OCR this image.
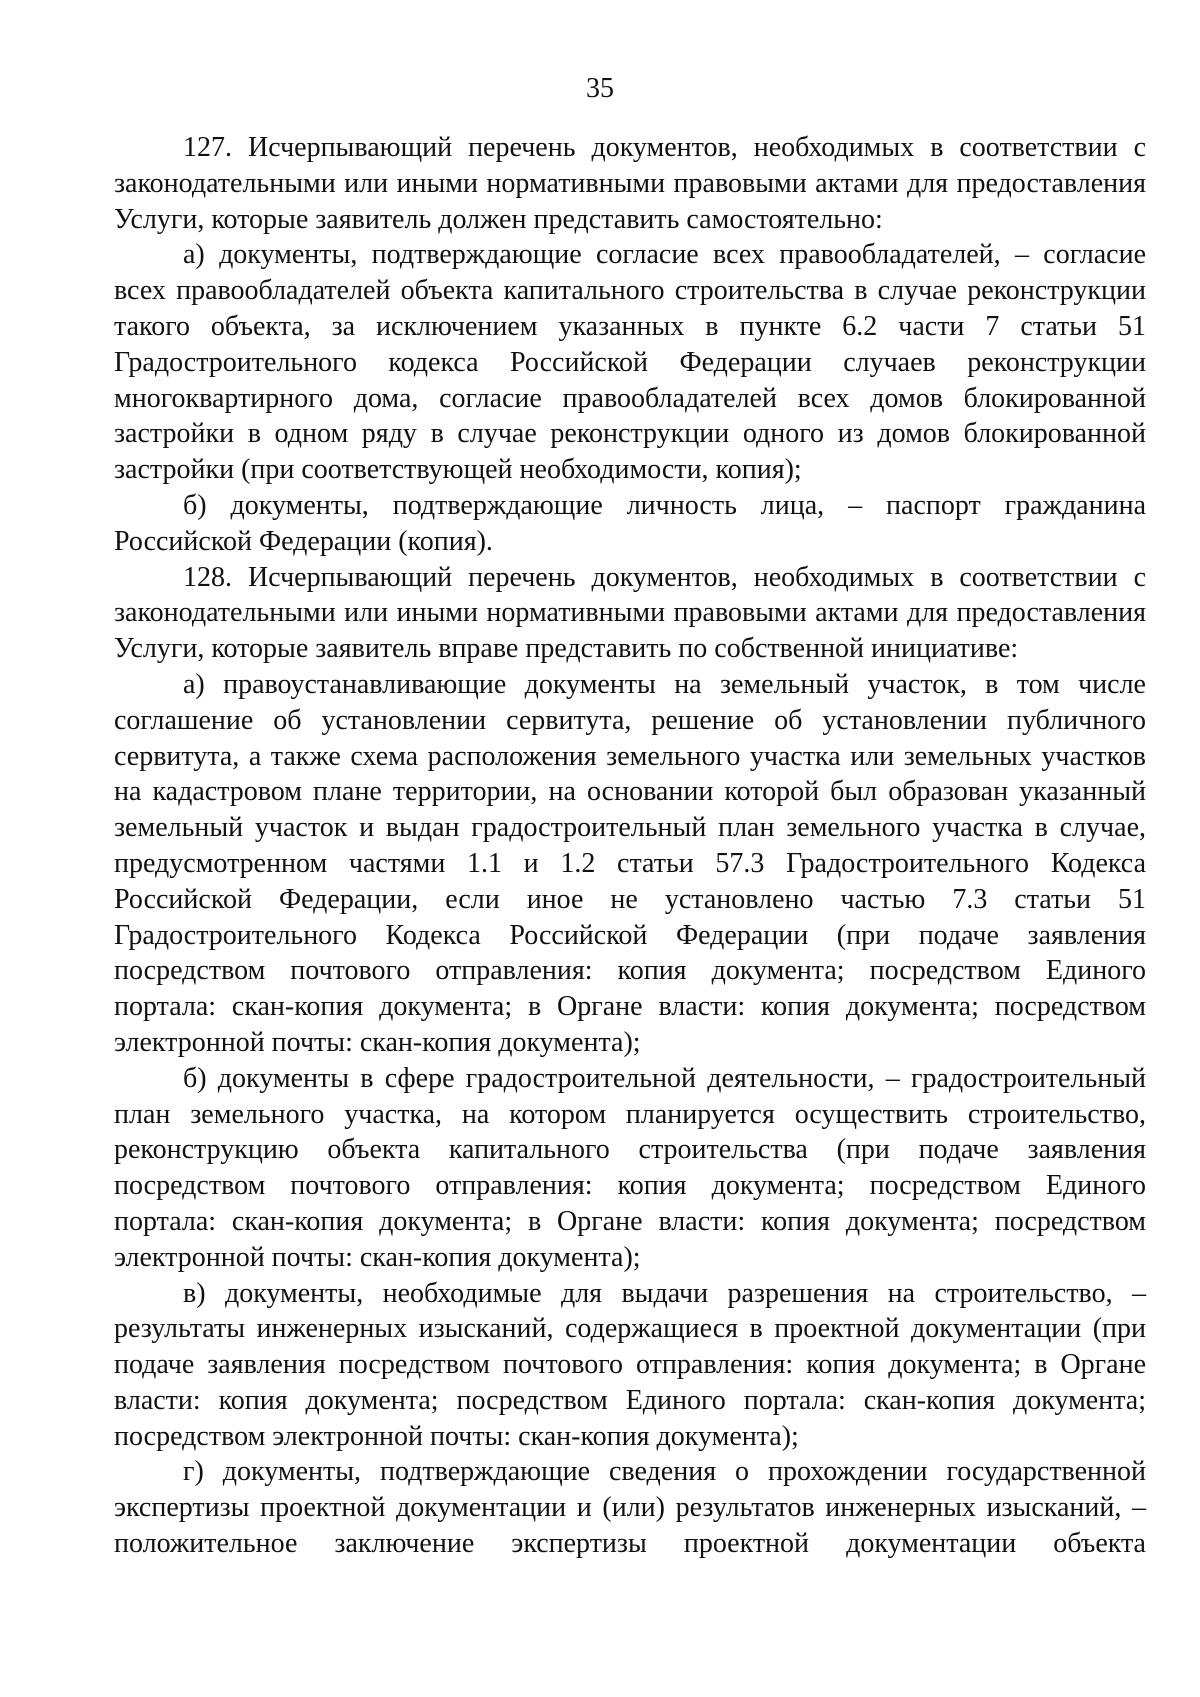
35
127. Исчерпывающий перечень документов, необходимых в соответствии с
законодательными или иными нормативными правовыми актами для предоставления
Услуги, которые заявитель должен представить самостоятельно:
а) документы, подтверждающие согласие всех правообладателей, – согласие
всех правообладателей объекта капитального строительства в случае реконструкции
такого объекта, за исключением указанных в пункте 6.2 части 7 статьи 51
Градостроительного кодекса Российской Федерации случаев реконструкции
многоквартирного дома, согласие правообладателей всех домов блокированной
застройки в одном ряду в случае реконструкции одного из домов блокированной
застройки (при соответствующей необходимости, копия);
б) документы, подтверждающие личность лица, – паспорт гражданина
Российской Федерации (копия).
128. Исчерпывающий перечень документов, необходимых в соответствии с
законодательными или иными нормативными правовыми актами для предоставления
Услуги, которые заявитель вправе представить по собственной инициативе:
а) правоустанавливающие документы на земельный участок, в том числе
соглашение об установлении сервитута, решение об установлении публичного
сервитута, а также схема расположения земельного участка или земельных участков
на кадастровом плане территории, на основании которой был образован указанный
земельный участок и выдан градостроительный план земельного участка в случае,
предусмотренном частями 1.1 и 1.2 статьи 57.3 Градостроительного Кодекса
Российской Федерации, если иное не установлено частью 7.3 статьи 51
Градостроительного Кодекса Российской Федерации (при подаче заявления
посредством почтового отправления: копия документа; посредством Единого
портала: скан-копия документа; в Органе власти: копия документа; посредством
электронной почты: скан-копия документа);
б) документы в сфере градостроительной деятельности, – градостроительный
план земельного участка, на котором планируется осуществить строительство,
реконструкцию объекта капитального строительства (при подаче заявления
посредством почтового отправления: копия документа; посредством Единого
портала: скан-копия документа; в Органе власти: копия документа; посредством
электронной почты: скан-копия документа);
в) документы, необходимые для выдачи разрешения на строительство, –
результаты инженерных изысканий, содержащиеся в проектной документации (при
подаче заявления посредством почтового отправления: копия документа; в Органе
власти: копия документа; посредством Единого портала: скан-копия документа;
посредством электронной почты: скан-копия документа);
г) документы, подтверждающие сведения о прохождении государственной
экспертизы проектной документации и (или) результатов инженерных изысканий, –
положительное заключение экспертизы проектной документации объекта
